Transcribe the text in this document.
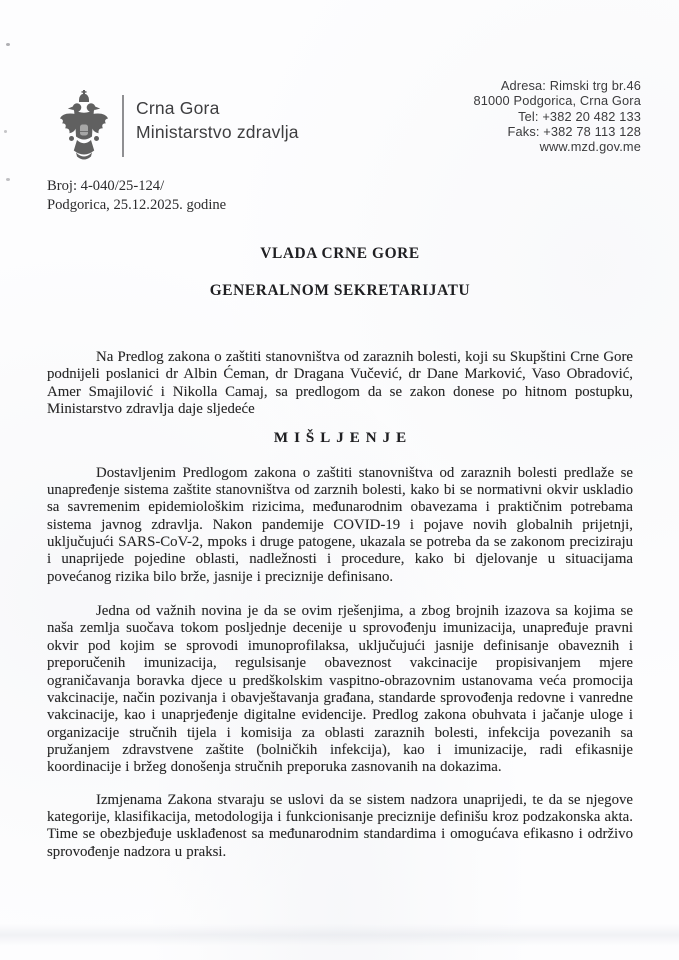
Crna Gora
Ministarstvo zdravlja
Adresa: Rimski trg br.46
81000 Podgorica, Crna Gora
Tel: +382 20 482 133
Faks: +382 78 113 128
www.mzd.gov.me
Broj: 4-040/25-124/
Podgorica, 25.12.2025. godine
VLADA CRNE GORE
GENERALNOM SEKRETARIJATU

Na Predlog zakona o zaštiti stanovništva od zaraznih bolesti, koji su Skupštini Crne Gore podnijeli poslanici dr Albin Ćeman, dr Dragana Vučević, dr Dane Marković, Vaso Obradović, Amer Smajilović i Nikolla Camaj, sa predlogom da se zakon donese po hitnom postupku, Ministarstvo zdravlja daje sljedeće

MIŠLJENJE

Dostavljenim Predlogom zakona o zaštiti stanovništva od zaraznih bolesti predlaže se unapređenje sistema zaštite stanovništva od zarznih bolesti, kako bi se normativni okvir uskladio sa savremenim epidemiološkim rizicima, međunarodnim obavezama i praktičnim potrebama sistema javnog zdravlja. Nakon pandemije COVID-19 i pojave novih globalnih prijetnji, uključujući SARS-CoV-2, mpoks i druge patogene, ukazala se potreba da se zakonom preciziraju i unaprijede pojedine oblasti, nadležnosti i procedure, kako bi djelovanje u situacijama povećanog rizika bilo brže, jasnije i preciznije definisano.

Jedna od važnih novina je da se ovim rješenjima, a zbog brojnih izazova sa kojima se naša zemlja suočava tokom posljednje decenije u sprovođenju imunizacija, unapređuje pravni okvir pod kojim se sprovodi imunoprofilaksa, uključujući jasnije definisanje obaveznih i preporučenih imunizacija, regulsisanje obaveznost vakcinacije propisivanjem mjere ograničavanja boravka djece u predškolskim vaspitno-obrazovnim ustanovama veća promocija vakcinacije, način pozivanja i obavještavanja građana, standarde sprovođenja redovne i vanredne vakcinacije, kao i unaprjeđenje digitalne evidencije. Predlog zakona obuhvata i jačanje uloge i organizacije stručnih tijela i komisija za oblasti zaraznih bolesti, infekcija povezanih sa pružanjem zdravstvene zaštite (bolničkih infekcija), kao i imunizacije, radi efikasnije koordinacije i bržeg donošenja stručnih preporuka zasnovanih na dokazima.

Izmjenama Zakona stvaraju se uslovi da se sistem nadzora unaprijedi, te da se njegove kategorije, klasifikacija, metodologija i funkcionisanje preciznije definišu kroz podzakonska akta. Time se obezbjeđuje usklađenost sa međunarodnim standardima i omogućava efikasno i održivo sprovođenje nadzora u praksi.
